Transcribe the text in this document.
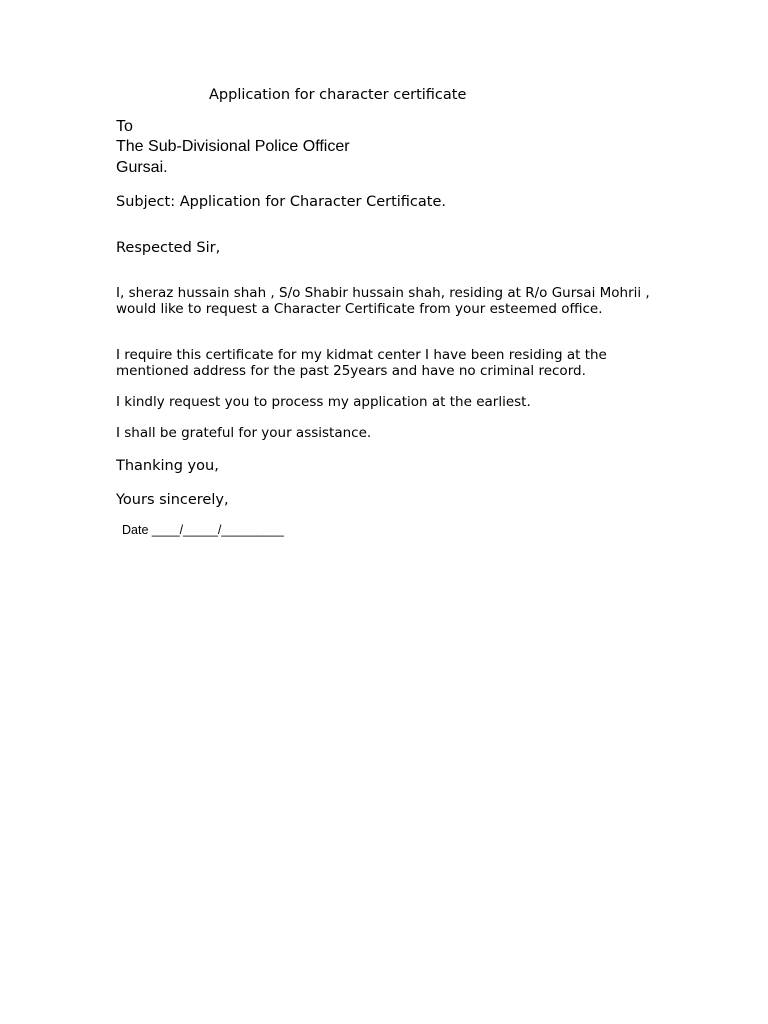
Application for character certificate
To
The Sub-Divisional Police Officer
Gursai.
Subject: Application for Character Certificate.
Respected Sir,

I, sheraz hussain shah , S/o Shabir hussain shah, residing at R/o Gursai Mohrii , would like to request a Character Certificate from your esteemed office.

I require this certificate for my kidmat center I have been residing at the mentioned address for the past 25years and have no criminal record.

I kindly request you to process my application at the earliest.

I shall be grateful for your assistance.

Thanking you,
Yours sincerely,
Date ____/_____/_________
